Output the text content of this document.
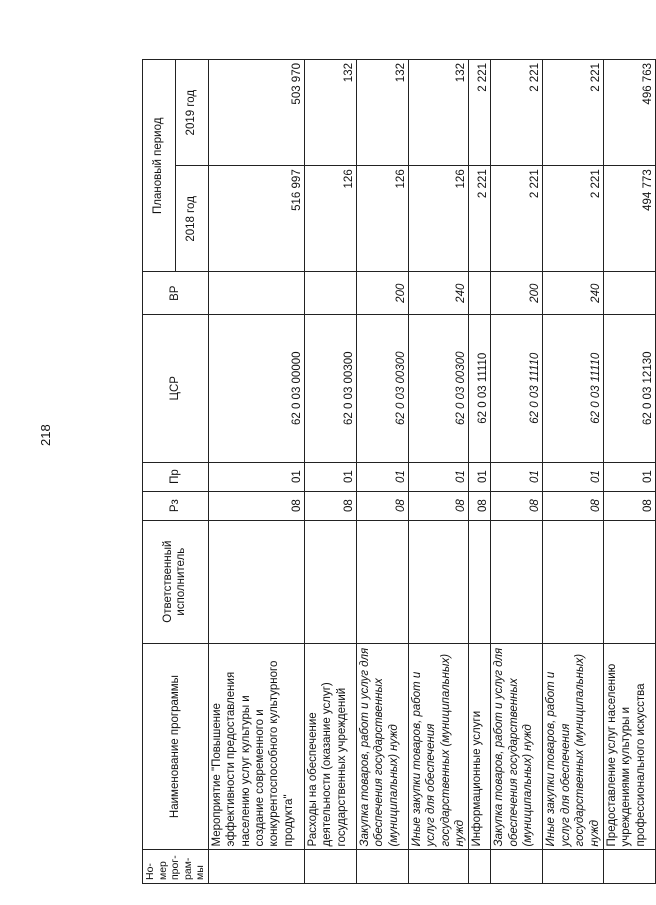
218
Но-мер прог-рам-мы	Наименование программы	Ответственный исполнитель	Рз	Пр	ЦСР	ВР	Плановый период	
							2018 год	2019 год
	Мероприятие "Повышение эффективности предоставления населению услуг культуры и создание современного и конкурентоспособного культурного продукта"		08	01	62 0 03 00000		516 997	503 970
	Расходы на обеспечение деятельности (оказание услуг) государственных учреждений		08	01	62 0 03 00300		126	132
	Закупка товаров, работ и услуг для обеспечения государственных (муниципальных) нужд		08	01	62 0 03 00300	200	126	132
	Иные закупки товаров, работ и услуг для обеспечения государственных (муниципальных) нужд		08	01	62 0 03 00300	240	126	132
	Информационные услуги		08	01	62 0 03 11110		2 221	2 221
	Закупка товаров, работ и услуг для обеспечения государственных (муниципальных) нужд		08	01	62 0 03 11110	200	2 221	2 221
	Иные закупки товаров, работ и услуг для обеспечения государственных (муниципальных) нужд		08	01	62 0 03 11110	240	2 221	2 221
	Предоставление услуг населению учреждениями культуры и профессионального искусства		08	01	62 0 03 12130		494 773	496 763
